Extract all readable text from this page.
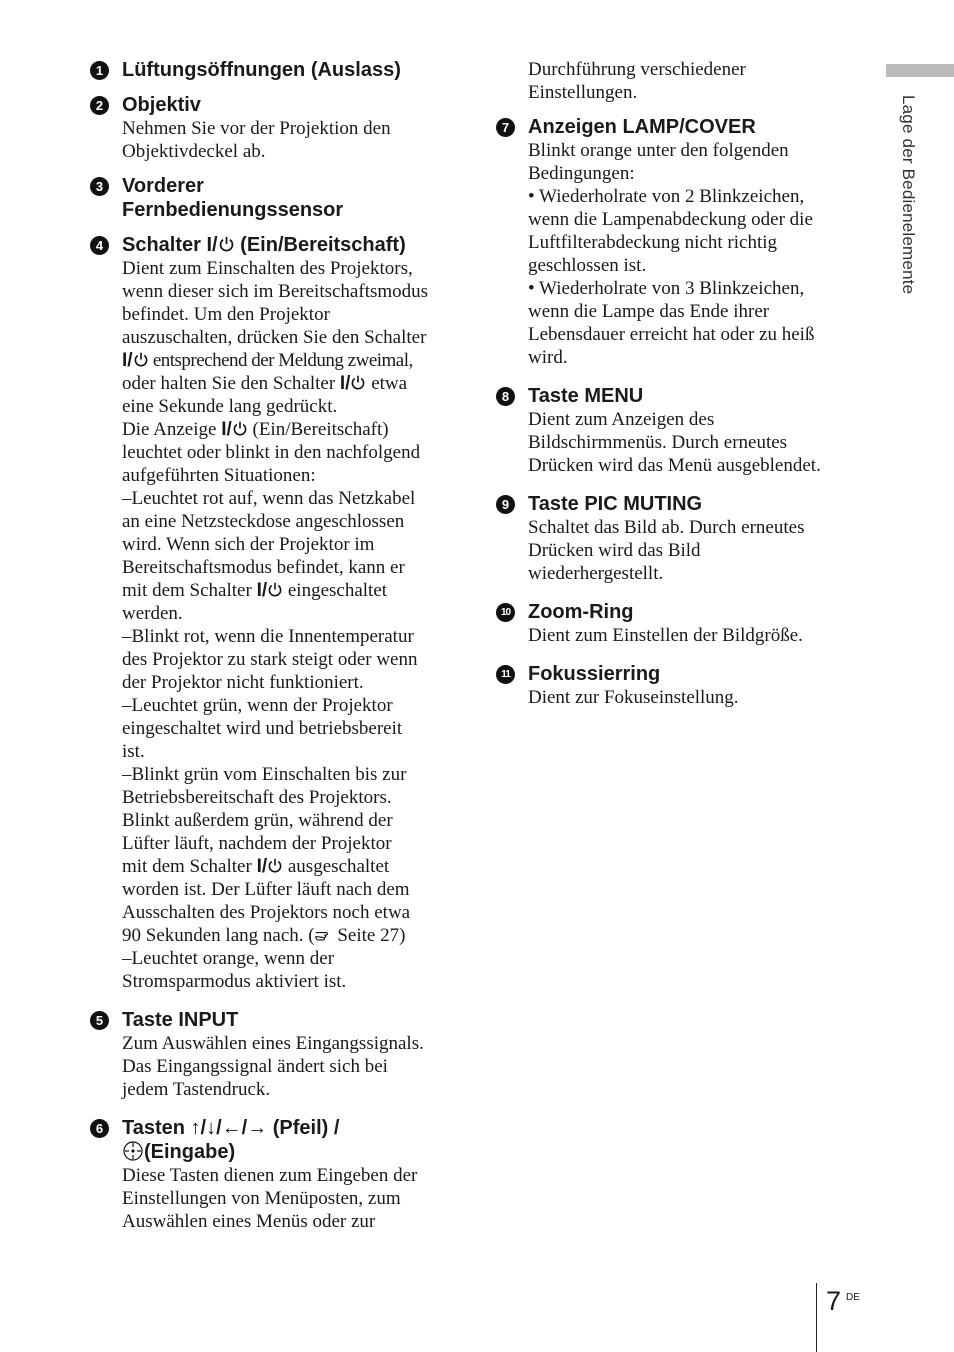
Lage der Bedienelemente
1 Lüftungsöffnungen (Auslass)
2 Objektiv

Nehmen Sie vor der Projektion den

Objektivdeckel ab.

3 Vorderer
Fernbedienungssensor
4 Schalter I/ (Ein/Bereitschaft)

Dient zum Einschalten des Projektors,

wenn dieser sich im Bereitschaftsmodus

befindet. Um den Projektor

auszuschalten, drücken Sie den Schalter

I/ entsprechend der Meldung zweimal,

oder halten Sie den Schalter I/ etwa

eine Sekunde lang gedrückt.

Die Anzeige I/ (Ein/Bereitschaft)

leuchtet oder blinkt in den nachfolgend

aufgeführten Situationen:

–Leuchtet rot auf, wenn das Netzkabel
an eine Netzsteckdose angeschlossen
wird. Wenn sich der Projektor im
Bereitschaftsmodus befindet, kann er
mit dem Schalter I/ eingeschaltet
werden.
–Blinkt rot, wenn die Innentemperatur
des Projektor zu stark steigt oder wenn
der Projektor nicht funktioniert.
–Leuchtet grün, wenn der Projektor
eingeschaltet wird und betriebsbereit
ist.
–Blinkt grün vom Einschalten bis zur
Betriebsbereitschaft des Projektors.
Blinkt außerdem grün, während der
Lüfter läuft, nachdem der Projektor
mit dem Schalter I/ ausgeschaltet
worden ist. Der Lüfter läuft nach dem
Ausschalten des Projektors noch etwa
90 Sekunden lang nach. ( Seite 27)
–Leuchtet orange, wenn der
Stromsparmodus aktiviert ist.
5 Taste INPUT

Zum Auswählen eines Eingangssignals.

Das Eingangssignal ändert sich bei

jedem Tastendruck.

6 Tasten ↑/↓/←/→ (Pfeil) /
(Eingabe)

Diese Tasten dienen zum Eingeben der

Einstellungen von Menüposten, zum

Auswählen eines Menüs oder zur

Durchführung verschiedener

Einstellungen.

7 Anzeigen LAMP/COVER

Blinkt orange unter den folgenden

Bedingungen:

• Wiederholrate von 2 Blinkzeichen,
wenn die Lampenabdeckung oder die
Luftfilterabdeckung nicht richtig
geschlossen ist.
• Wiederholrate von 3 Blinkzeichen,
wenn die Lampe das Ende ihrer
Lebensdauer erreicht hat oder zu heiß
wird.
8 Taste MENU

Dient zum Anzeigen des

Bildschirmmenüs. Durch erneutes

Drücken wird das Menü ausgeblendet.

9 Taste PIC MUTING

Schaltet das Bild ab. Durch erneutes

Drücken wird das Bild

wiederhergestellt.

10 Zoom-Ring

Dient zum Einstellen der Bildgröße.

11 Fokussierring

Dient zur Fokuseinstellung.

7 DE
